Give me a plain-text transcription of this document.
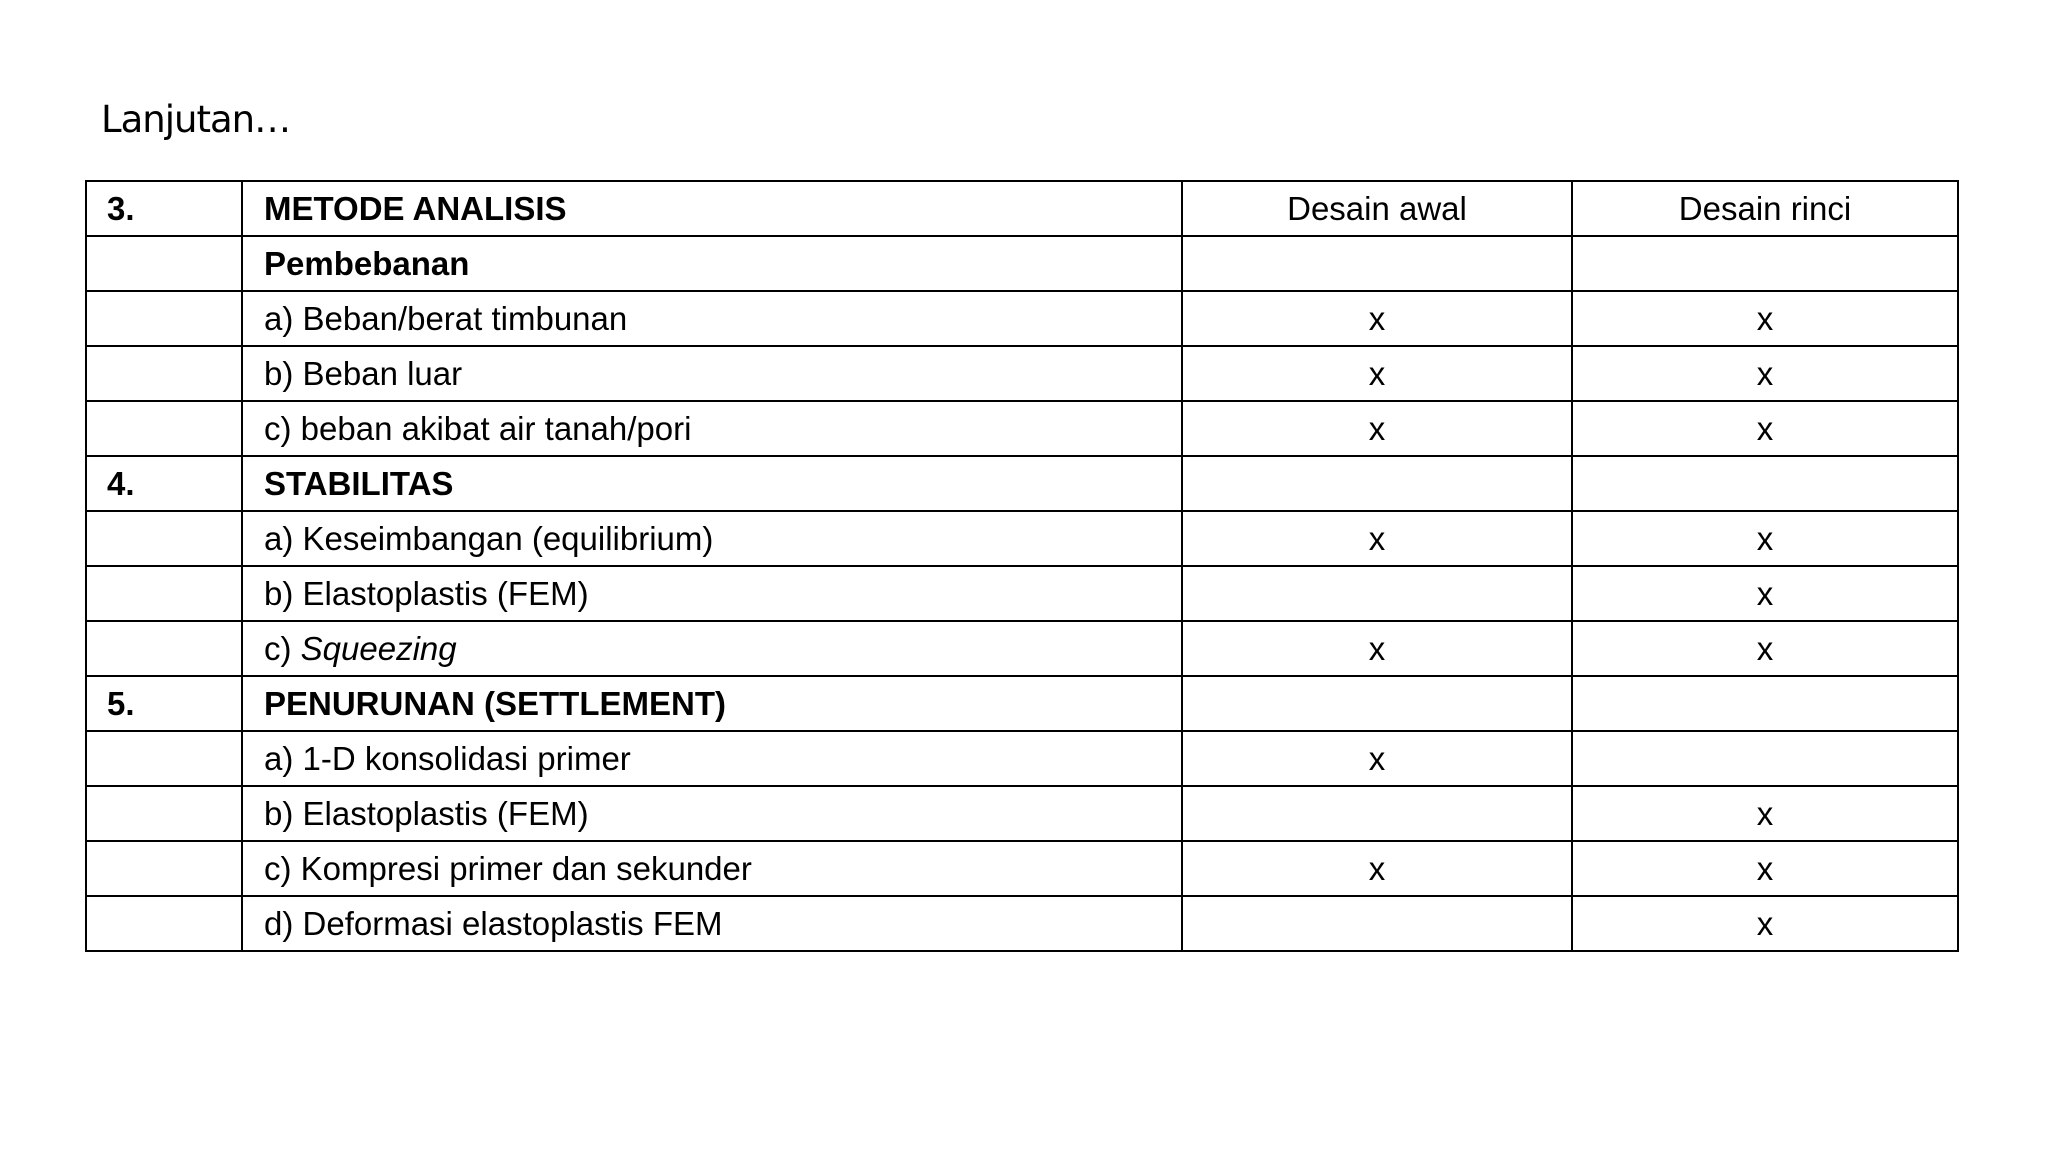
Lanjutan…
3.	METODE ANALISIS	Desain awal	Desain rinci
	Pembebanan		
	a) Beban/berat timbunan	x	x
	b) Beban luar	x	x
	c) beban akibat air tanah/pori	x	x
4.	STABILITAS		
	a) Keseimbangan (equilibrium)	x	x
	b) Elastoplastis (FEM)		x
	c) Squeezing	x	x
5.	PENURUNAN (SETTLEMENT)		
	a) 1-D konsolidasi primer	x	
	b) Elastoplastis (FEM)		x
	c) Kompresi primer dan sekunder	x	x
	d) Deformasi elastoplastis FEM		x
